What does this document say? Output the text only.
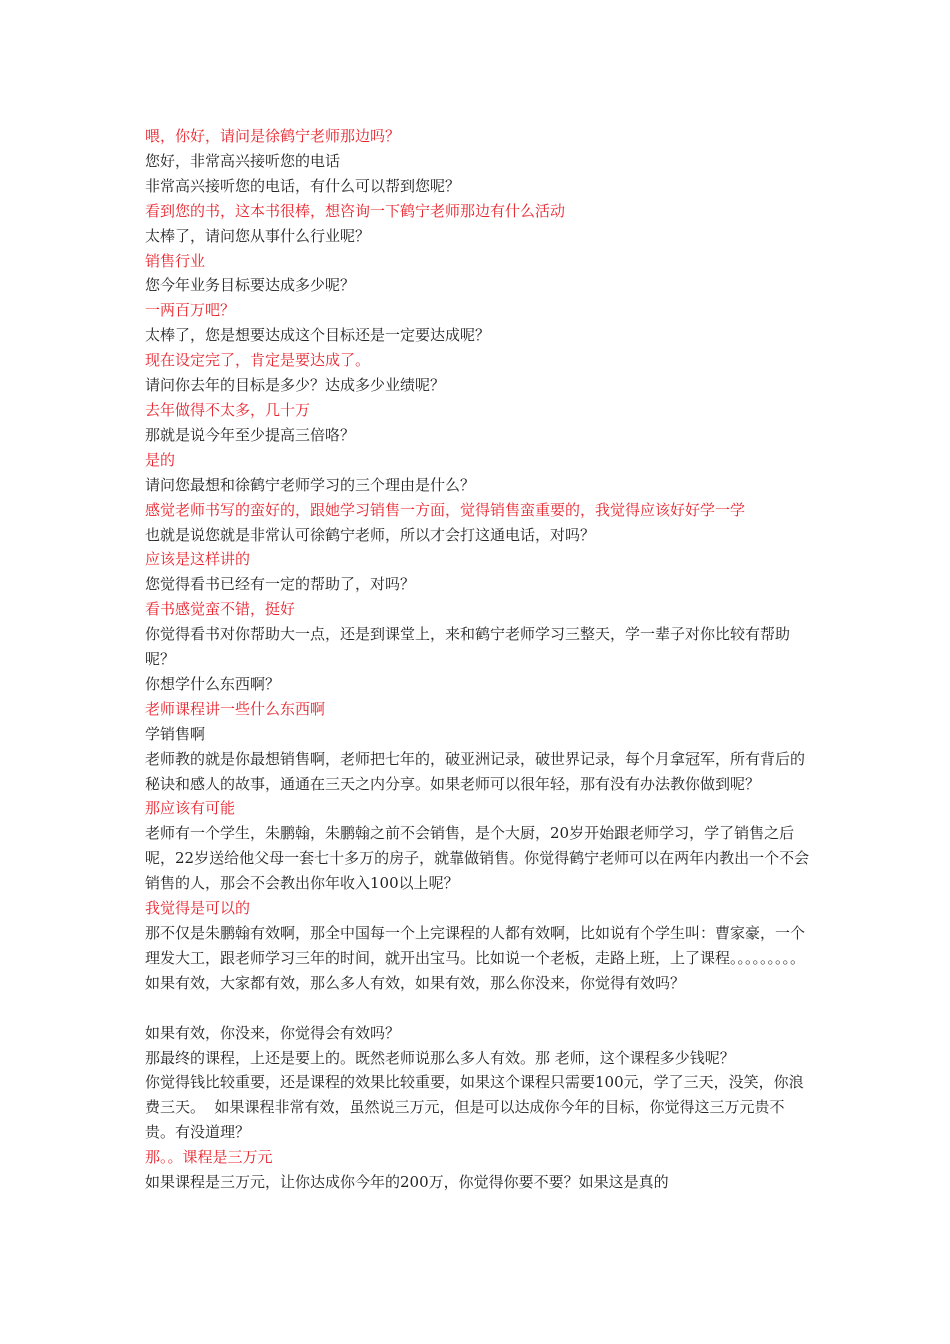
喂，你好，请问是徐鹤宁老师那边吗？

您好，非常高兴接听您的电话

非常高兴接听您的电话，有什么可以帮到您呢？

看到您的书，这本书很棒，想咨询一下鹤宁老师那边有什么活动

太棒了，请问您从事什么行业呢？

销售行业

您今年业务目标要达成多少呢？

一两百万吧？

太棒了，您是想要达成这个目标还是一定要达成呢？

现在设定完了，肯定是要达成了。

请问你去年的目标是多少？达成多少业绩呢？

去年做得不太多，几十万

那就是说今年至少提高三倍咯？

是的

请问您最想和徐鹤宁老师学习的三个理由是什么？

感觉老师书写的蛮好的，跟她学习销售一方面，觉得销售蛮重要的，我觉得应该好好学一学

也就是说您就是非常认可徐鹤宁老师，所以才会打这通电话，对吗？

应该是这样讲的

您觉得看书已经有一定的帮助了，对吗？

看书感觉蛮不错，挺好

你觉得看书对你帮助大一点，还是到课堂上，来和鹤宁老师学习三整天，学一辈子对你比较有帮助呢？

你想学什么东西啊？

老师课程讲一些什么东西啊

学销售啊

老师教的就是你最想销售啊，老师把七年的，破亚洲记录，破世界记录，每个月拿冠军，所有背后的秘诀和感人的故事，通通在三天之内分享。如果老师可以很年轻，那有没有办法教你做到呢？

那应该有可能

老师有一个学生，朱鹏翰，朱鹏翰之前不会销售，是个大厨，20岁开始跟老师学习，学了销售之后呢，22岁送给他父母一套七十多万的房子，就靠做销售。你觉得鹤宁老师可以在两年内教出一个不会销售的人，那会不会教出你年收入100以上呢？

我觉得是可以的

那不仅是朱鹏翰有效啊，那全中国每一个上完课程的人都有效啊，比如说有个学生叫：曹家豪，一个理发大工，跟老师学习三年的时间，就开出宝马。比如说一个老板，走路上班，上了课程。。。。。。。。。如果有效，大家都有效，那么多人有效，如果有效，那么你没来，你觉得有效吗？

如果有效，你没来，你觉得会有效吗？

那最终的课程，上还是要上的。既然老师说那么多人有效。那 老师，这个课程多少钱呢？

你觉得钱比较重要，还是课程的效果比较重要，如果这个课程只需要100元，学了三天，没笑，你浪费三天。  如果课程非常有效，虽然说三万元，但是可以达成你今年的目标，你觉得这三万元贵不贵。有没道理？

那。。课程是三万元

如果课程是三万元，让你达成你今年的200万，你觉得你要不要？如果这是真的
